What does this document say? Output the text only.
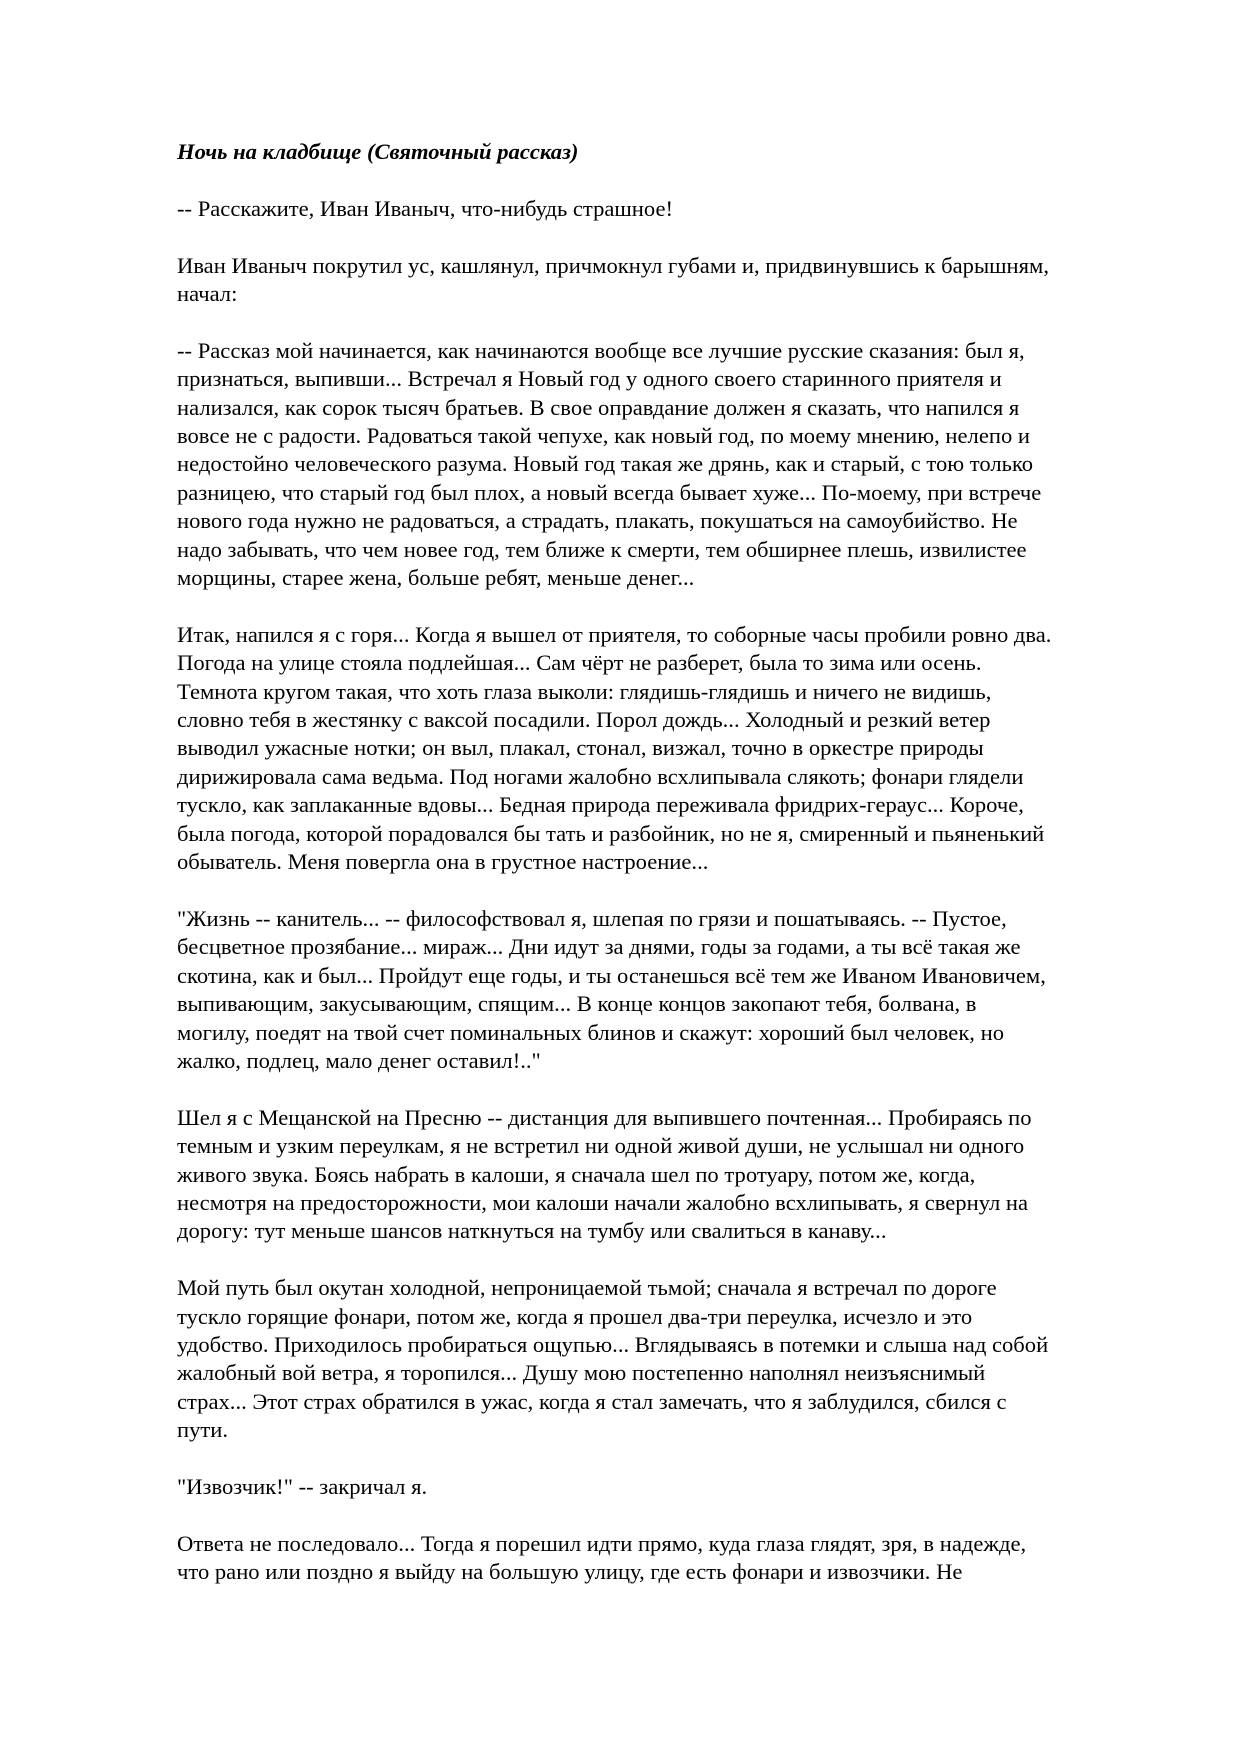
Ночь на кладбище (Святочный рассказ)
-- Расскажите, Иван Иваныч, что-нибудь страшное!
Иван Иваныч покрутил ус, кашлянул, причмокнул губами и, придвинувшись к барышням,
начал:
-- Рассказ мой начинается, как начинаются вообще все лучшие русские сказания: был я,
признаться, выпивши... Встречал я Новый год у одного своего старинного приятеля и
нализался, как сорок тысяч братьев. В свое оправдание должен я сказать, что напился я
вовсе не с радости. Радоваться такой чепухе, как новый год, по моему мнению, нелепо и
недостойно человеческого разума. Новый год такая же дрянь, как и старый, с тою только
разницею, что старый год был плох, а новый всегда бывает хуже... По-моему, при встрече
нового года нужно не радоваться, а страдать, плакать, покушаться на самоубийство. Не
надо забывать, что чем новее год, тем ближе к смерти, тем обширнее плешь, извилистее
морщины, старее жена, больше ребят, меньше денег...
Итак, напился я с горя... Когда я вышел от приятеля, то соборные часы пробили ровно два.
Погода на улице стояла подлейшая... Сам чёрт не разберет, была то зима или осень.
Темнота кругом такая, что хоть глаза выколи: глядишь-глядишь и ничего не видишь,
словно тебя в жестянку с ваксой посадили. Порол дождь... Холодный и резкий ветер
выводил ужасные нотки; он выл, плакал, стонал, визжал, точно в оркестре природы
дирижировала сама ведьма. Под ногами жалобно всхлипывала слякоть; фонари глядели
тускло, как заплаканные вдовы... Бедная природа переживала фридрих-гераус... Короче,
была погода, которой порадовался бы тать и разбойник, но не я, смиренный и пьяненький
обыватель. Меня повергла она в грустное настроение...
"Жизнь -- канитель... -- философствовал я, шлепая по грязи и пошатываясь. -- Пустое,
бесцветное прозябание... мираж... Дни идут за днями, годы за годами, а ты всё такая же
скотина, как и был... Пройдут еще годы, и ты останешься всё тем же Иваном Ивановичем,
выпивающим, закусывающим, спящим... В конце концов закопают тебя, болвана, в
могилу, поедят на твой счет поминальных блинов и скажут: хороший был человек, но
жалко, подлец, мало денег оставил!.."
Шел я с Мещанской на Пресню -- дистанция для выпившего почтенная... Пробираясь по
темным и узким переулкам, я не встретил ни одной живой души, не услышал ни одного
живого звука. Боясь набрать в калоши, я сначала шел по тротуару, потом же, когда,
несмотря на предосторожности, мои калоши начали жалобно всхлипывать, я свернул на
дорогу: тут меньше шансов наткнуться на тумбу или свалиться в канаву...
Мой путь был окутан холодной, непроницаемой тьмой; сначала я встречал по дороге
тускло горящие фонари, потом же, когда я прошел два-три переулка, исчезло и это
удобство. Приходилось пробираться ощупью... Вглядываясь в потемки и слыша над собой
жалобный вой ветра, я торопился... Душу мою постепенно наполнял неизъяснимый
страх... Этот страх обратился в ужас, когда я стал замечать, что я заблудился, сбился с
пути.
"Извозчик!" -- закричал я.
Ответа не последовало... Тогда я порешил идти прямо, куда глаза глядят, зря, в надежде,
что рано или поздно я выйду на большую улицу, где есть фонари и извозчики. Не
